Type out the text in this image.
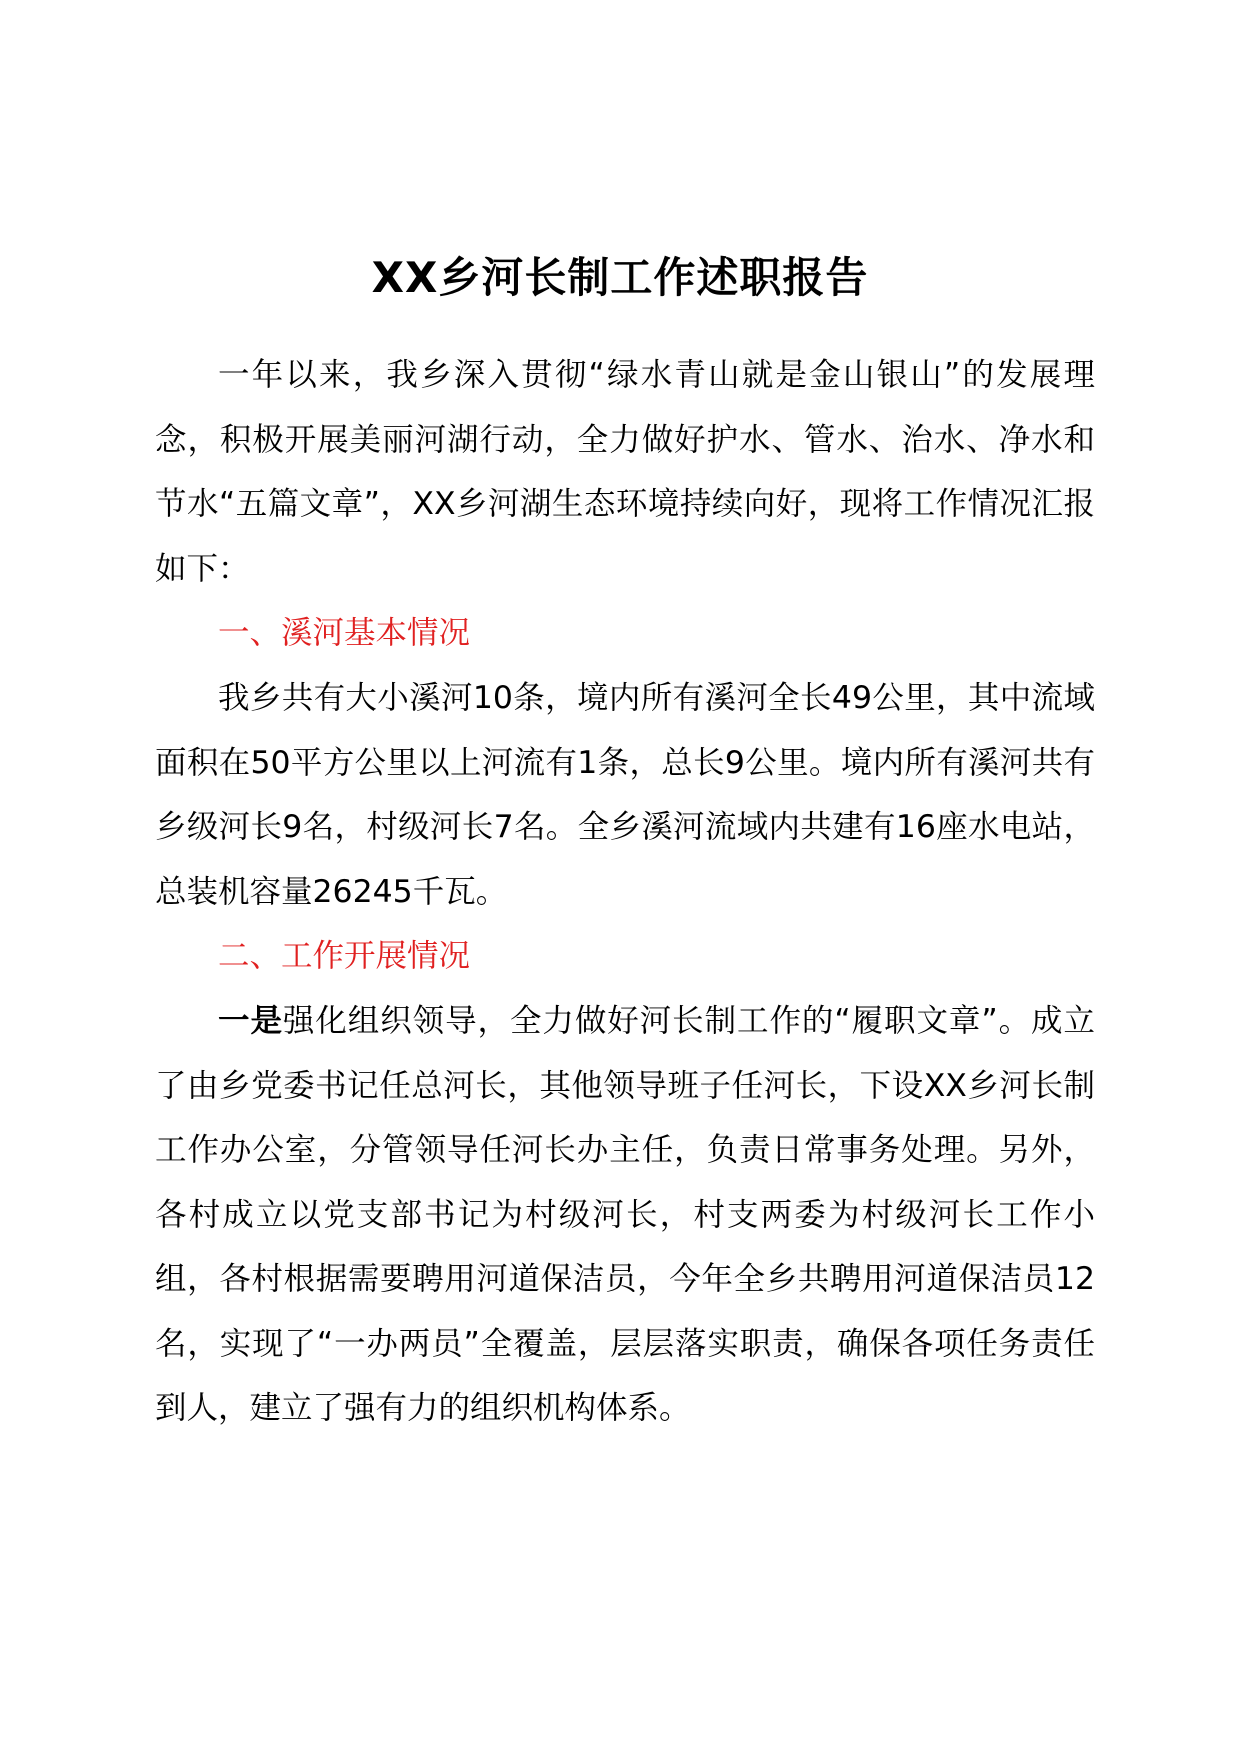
XX乡河长制工作述职报告
一年以来，我乡深入贯彻“绿水青山就是金山银山”的发展理念，积极开展美丽河湖行动，全力做好护水、管水、治水、净水和节水“五篇文章”，XX乡河湖生态环境持续向好，现将工作情况汇报如下：
一、溪河基本情况
我乡共有大小溪河10条，境内所有溪河全长49公里，其中流域面积在50平方公里以上河流有1条，总长9公里。境内所有溪河共有乡级河长9名，村级河长7名。全乡溪河流域内共建有16座水电站，总装机容量26245千瓦。
二、工作开展情况
一是强化组织领导，全力做好河长制工作的“履职文章”。成立了由乡党委书记任总河长，其他领导班子任河长，下设XX乡河长制工作办公室，分管领导任河长办主任，负责日常事务处理。另外，各村成立以党支部书记为村级河长，村支两委为村级河长工作小组，各村根据需要聘用河道保洁员，今年全乡共聘用河道保洁员12名，实现了“一办两员”全覆盖，层层落实职责，确保各项任务责任到人，建立了强有力的组织机构体系。
